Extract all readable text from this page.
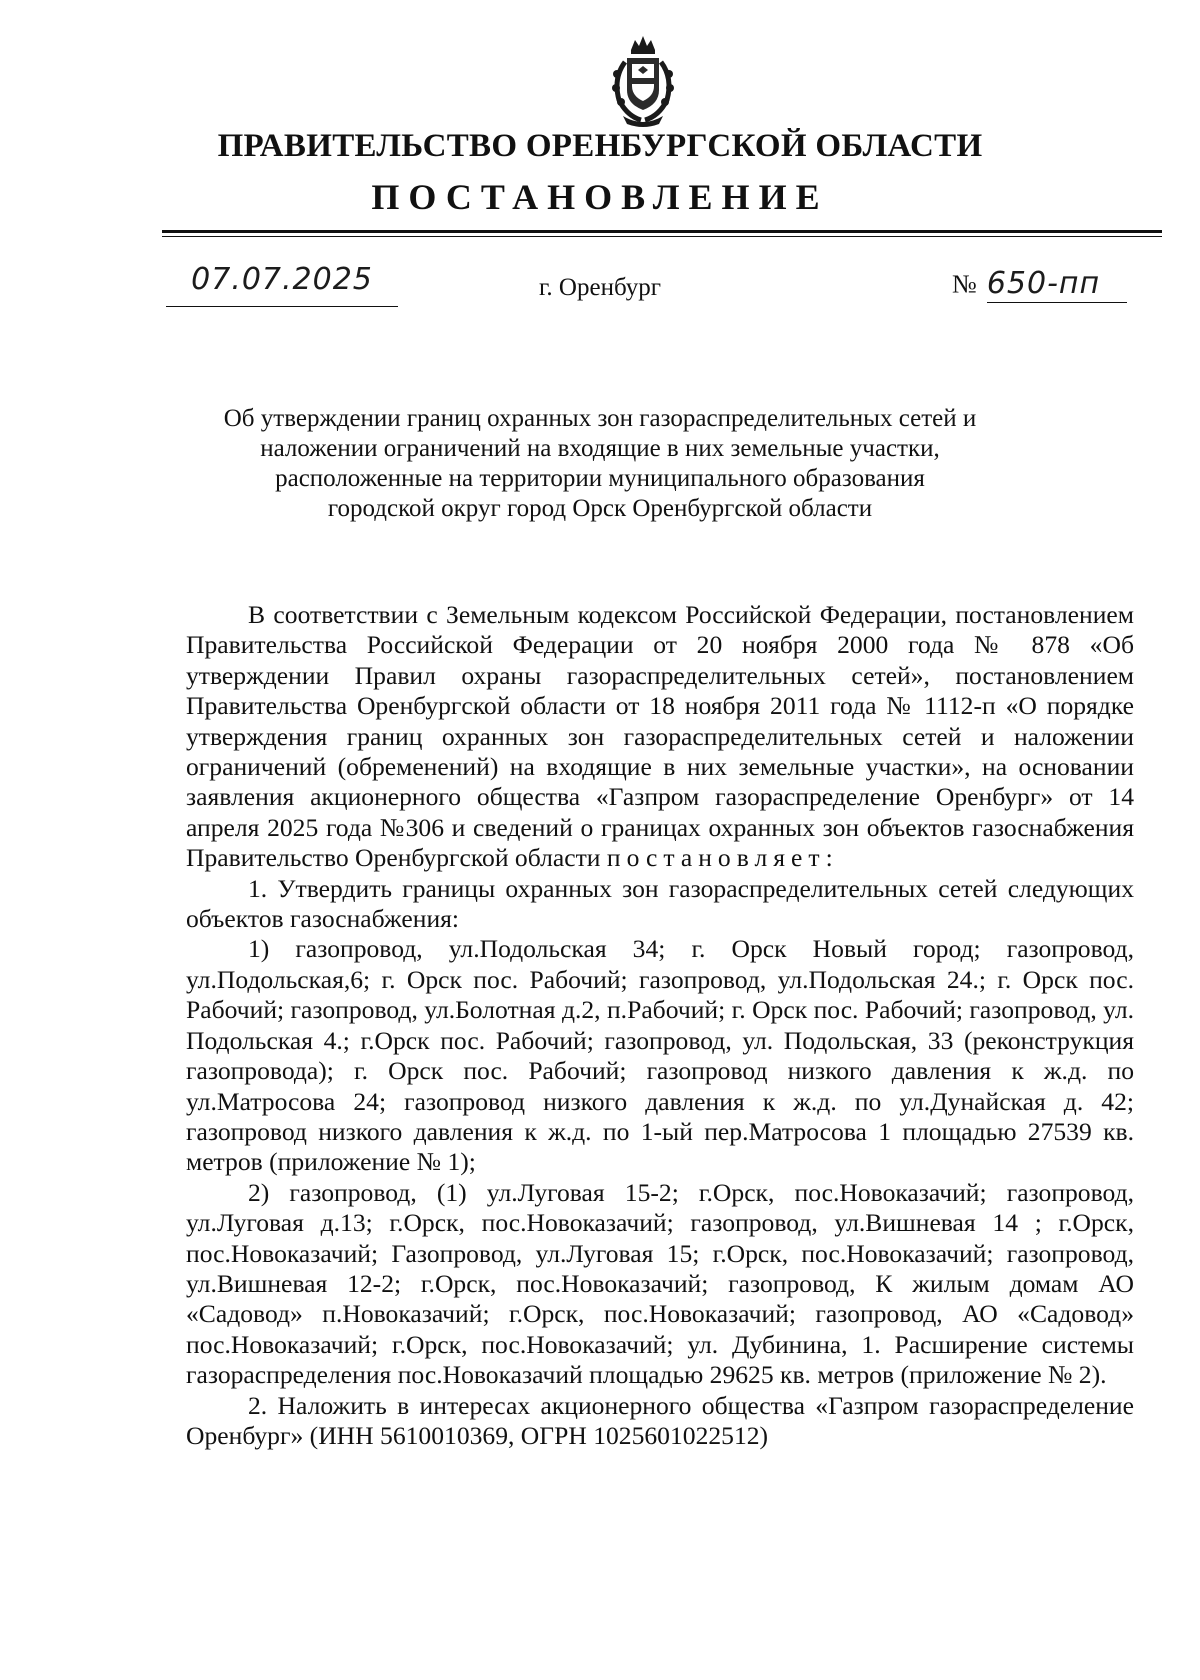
ПРАВИТЕЛЬСТВО ОРЕНБУРГСКОЙ ОБЛАСТИ
ПОСТАНОВЛЕНИЕ
07.07.2025	г. Оренбург	№ 650-пп
Об утверждении границ охранных зон газораспределительных сетей и
наложении ограничений на входящие в них земельные участки,
расположенные на территории муниципального образования
городской округ город Орск Оренбургской области

В соответствии с Земельным кодексом Российской Федерации, постановлением Правительства Российской Федерации от 20 ноября 2000 года № 878 «Об утверждении Правил охраны газораспределительных сетей», постановлением Правительства Оренбургской области от 18 ноября 2011 года № 1112-п «О порядке утверждения границ охранных зон газораспределительных сетей и наложении ограничений (обременений) на входящие в них земельные участки», на основании заявления акционерного общества «Газпром газораспределение Оренбург» от 14 апреля 2025 года №306 и сведений о границах охранных зон объектов газоснабжения Правительство Оренбургской области постановляет:

1. Утвердить границы охранных зон газораспределительных сетей следующих объектов газоснабжения:

1) газопровод, ул.Подольская 34; г. Орск Новый город; газопровод, ул.Подольская,6; г. Орск пос. Рабочий; газопровод, ул.Подольская 24.; г. Орск пос. Рабочий; газопровод, ул.Болотная д.2, п.Рабочий; г. Орск пос. Рабочий; газопровод, ул. Подольская 4.; г.Орск пос. Рабочий; газопровод, ул. Подольская, 33 (реконструкция газопровода); г. Орск пос. Рабочий; газопровод низкого давления к ж.д. по ул.Матросова 24; газопровод низкого давления к ж.д. по ул.Дунайская д. 42; газопровод низкого давления к ж.д. по 1-ый пер.Матросова 1 площадью 27539 кв. метров (приложение № 1);

2) газопровод, (1) ул.Луговая 15-2; г.Орск, пос.Новоказачий; газопровод, ул.Луговая д.13; г.Орск, пос.Новоказачий; газопровод, ул.Вишневая 14 ; г.Орск, пос.Новоказачий; Газопровод, ул.Луговая 15; г.Орск, пос.Новоказачий; газопровод, ул.Вишневая 12-2; г.Орск, пос.Новоказачий; газопровод, К жилым домам АО «Садовод» п.Новоказачий; г.Орск, пос.Новоказачий; газопровод, АО «Садовод» пос.Новоказачий; г.Орск, пос.Новоказачий; ул. Дубинина, 1. Расширение системы газораспределения пос.Новоказачий площадью 29625 кв. метров (приложение № 2).

2. Наложить в интересах акционерного общества «Газпром газораспределение Оренбург» (ИНН 5610010369, ОГРН 1025601022512)
